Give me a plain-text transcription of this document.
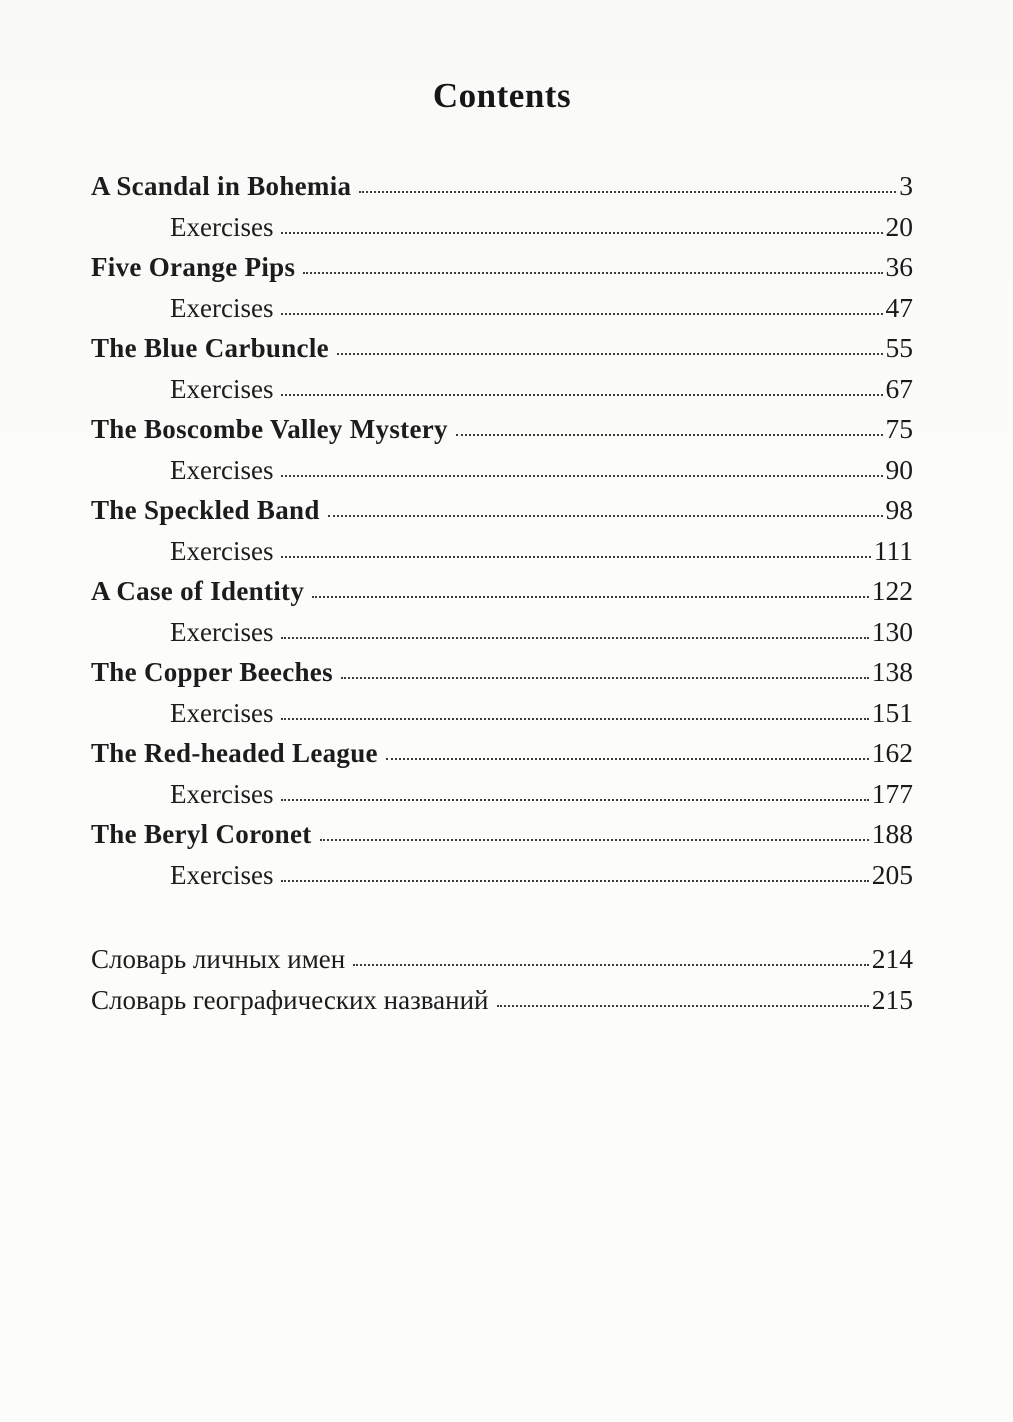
Contents
A Scandal in Bohemia	3
Exercises	20
Five Orange Pips	36
Exercises	47
The Blue Carbuncle	55
Exercises	67
The Boscombe Valley Mystery	75
Exercises	90
The Speckled Band	98
Exercises	111
A Case of Identity	122
Exercises	130
The Copper Beeches	138
Exercises	151
The Red-headed League	162
Exercises	177
The Beryl Coronet	188
Exercises	205
Словарь личных имен	214
Словарь географических названий	215
